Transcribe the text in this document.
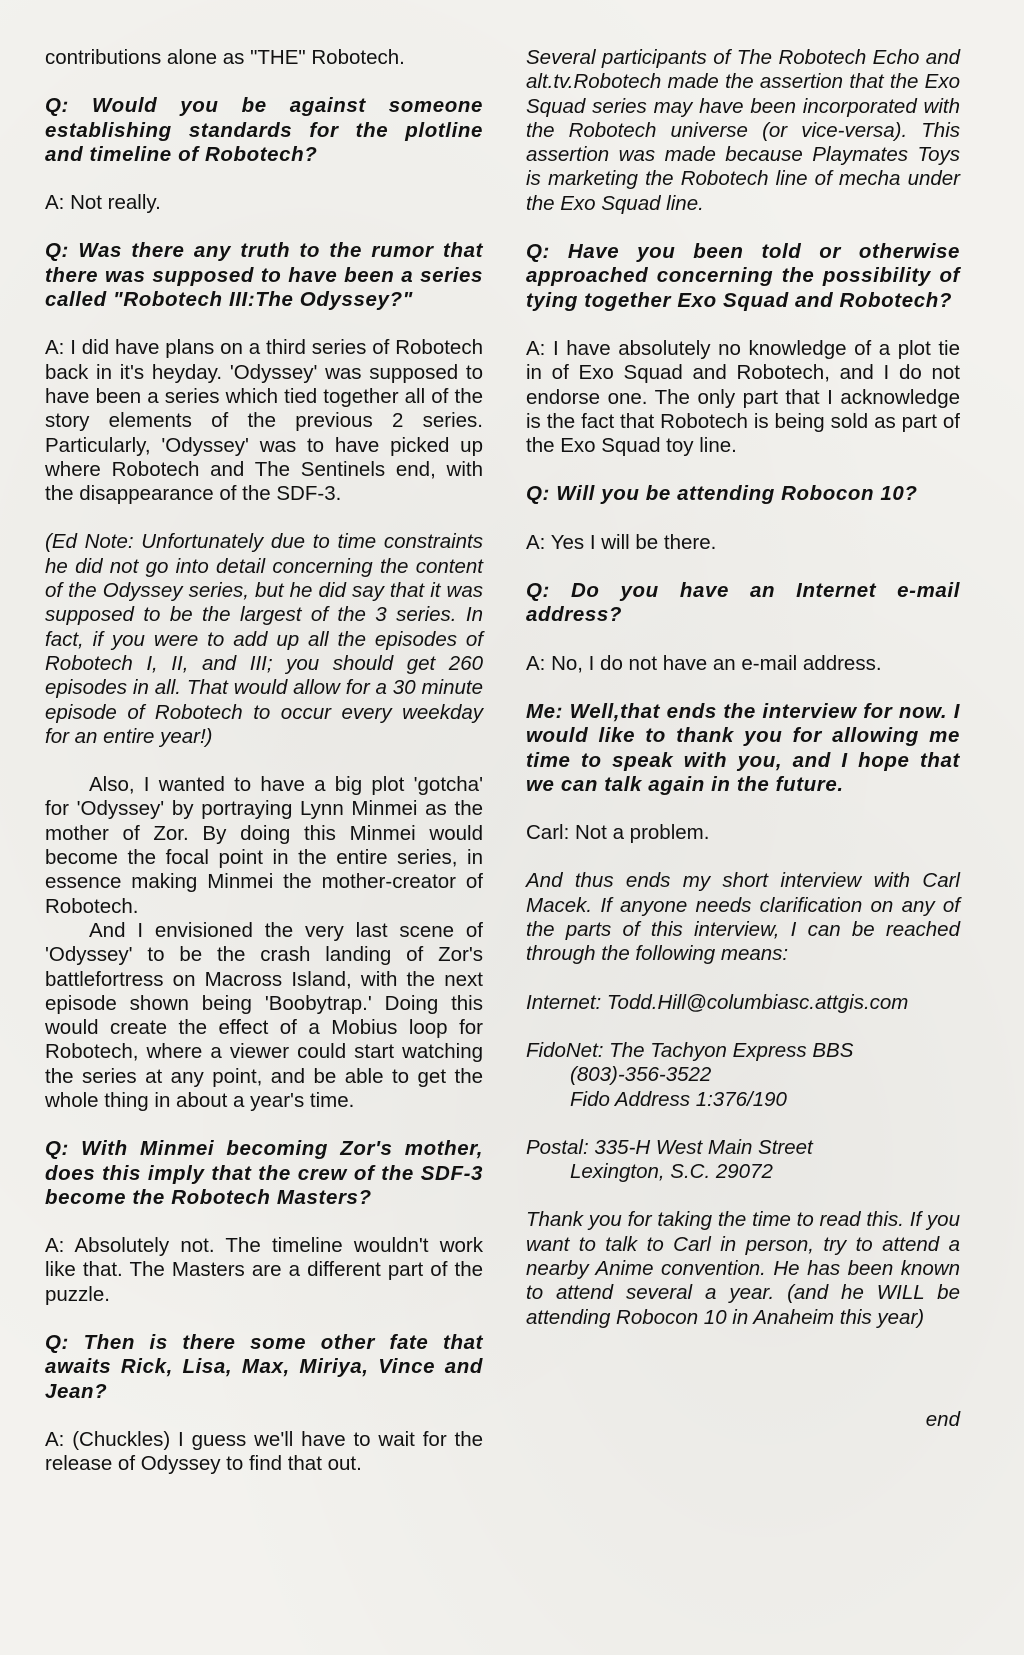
contributions alone as "THE" Robotech.

Q: Would you be against someone establishing standards for the plotline and timeline of Robotech?

A: Not really.

Q: Was there any truth to the rumor that there was supposed to have been a series called "Robotech III:The Odyssey?"

A: I did have plans on a third series of Robotech back in it's heyday. 'Odyssey' was supposed to have been a series which tied together all of the story elements of the previous 2 series. Particularly, 'Odyssey' was to have picked up where Robotech and The Sentinels end, with the disappearance of the SDF-3.

(Ed Note: Unfortunately due to time constraints he did not go into detail concerning the content of the Odyssey series, but he did say that it was supposed to be the largest of the 3 series. In fact, if you were to add up all the episodes of Robotech I, II, and III; you should get 260 episodes in all. That would allow for a 30 minute episode of Robotech to occur every weekday for an entire year!)

Also, I wanted to have a big plot 'gotcha' for 'Odyssey' by portraying Lynn Minmei as the mother of Zor. By doing this Minmei would become the focal point in the entire series, in essence making Minmei the mother-creator of Robotech.

And I envisioned the very last scene of 'Odyssey' to be the crash landing of Zor's battlefortress on Macross Island, with the next episode shown being 'Boobytrap.' Doing this would create the effect of a Mobius loop for Robotech, where a viewer could start watching the series at any point, and be able to get the whole thing in about a year's time.

Q: With Minmei becoming Zor's mother, does this imply that the crew of the SDF-3 become the Robotech Masters?

A: Absolutely not. The timeline wouldn't work like that. The Masters are a different part of the puzzle.

Q: Then is there some other fate that awaits Rick, Lisa, Max, Miriya, Vince and Jean?

A: (Chuckles) I guess we'll have to wait for the release of Odyssey to find that out.

Several participants of The Robotech Echo and alt.tv.Robotech made the assertion that the Exo Squad series may have been incorporated with the Robotech universe (or vice-versa). This assertion was made because Playmates Toys is marketing the Robotech line of mecha under the Exo Squad line.

Q: Have you been told or otherwise approached concerning the possibility of tying together Exo Squad and Robotech?

A: I have absolutely no knowledge of a plot tie in of Exo Squad and Robotech, and I do not endorse one. The only part that I acknowledge is the fact that Robotech is being sold as part of the Exo Squad toy line.

Q: Will you be attending Robocon 10?

A: Yes I will be there.

Q: Do you have an Internet e-mail address?

A: No, I do not have an e-mail address.

Me: Well,that ends the interview for now. I would like to thank you for allowing me time to speak with you, and I hope that we can talk again in the future.

Carl: Not a problem.

And thus ends my short interview with Carl Macek. If anyone needs clarification on any of the parts of this interview, I can be reached through the following means:

Internet: Todd.Hill@columbiasc.attgis.com

FidoNet: The Tachyon Express BBS
(803)-356-3522
Fido Address 1:376/190

Postal: 335-H West Main Street
Lexington, S.C. 29072

Thank you for taking the time to read this. If you want to talk to Carl in person, try to attend a nearby Anime convention. He has been known to attend several a year. (and he WILL be attending Robocon 10 in Anaheim this year)

end
